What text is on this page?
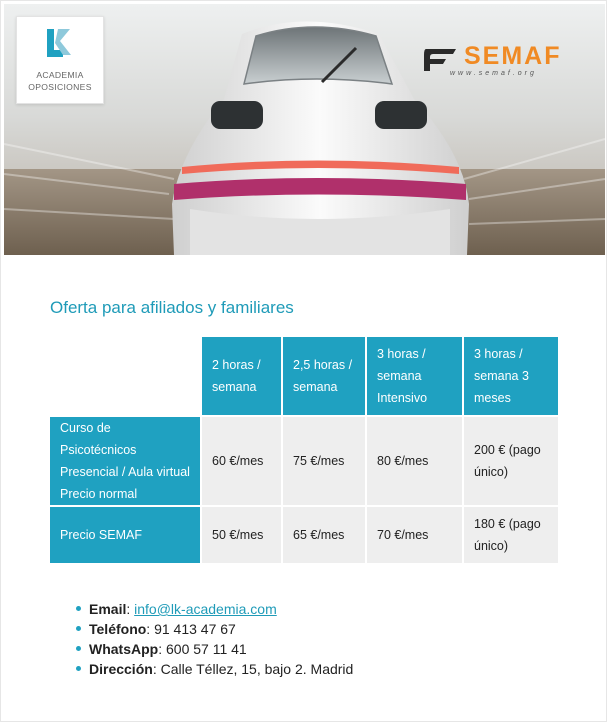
ACADEMIA
OPOSICIONES
SEMAF
www.semaf.org
Oferta para afiliados y familiares
	2 horas / semana	2,5 horas / semana	3 horas / semana Intensivo	3 horas / semana 3 meses
Curso de Psicotécnicos Presencial / Aula virtual Precio normal	60 €/mes	75 €/mes	80 €/mes	200 € (pago único)
Precio SEMAF	50 €/mes	65 €/mes	70 €/mes	180 € (pago único)
Email: info@lk-academia.com
Teléfono: 91 413 47 67
WhatsApp: 600 57 11 41
Dirección: Calle Téllez, 15, bajo 2. Madrid
